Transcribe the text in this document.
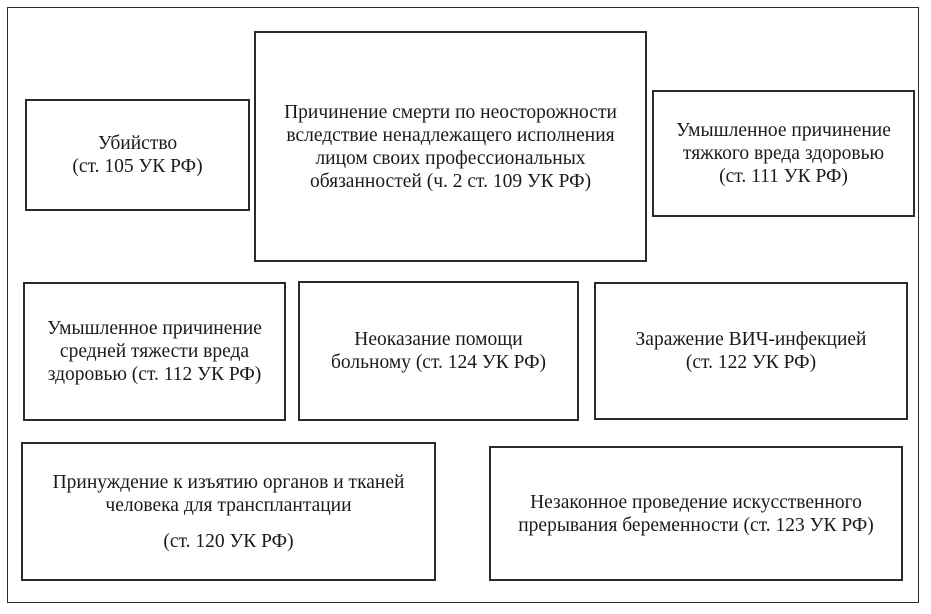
Убийство
(ст. 105 УК РФ)
Причинение смерти по неосторожности
вследствие ненадлежащего исполнения
лицом своих профессиональных
обязанностей (ч. 2 ст. 109 УК РФ)
Умышленное причинение
тяжкого вреда здоровью
(ст. 111 УК РФ)
Умышленное причинение
средней тяжести вреда
здоровью (ст. 112 УК РФ)
Неоказание помощи
больному (ст. 124 УК РФ)
Заражение ВИЧ-инфекцией
(ст. 122 УК РФ)
Принуждение к изъятию органов и тканей
человека для трансплантации
(ст. 120 УК РФ)
Незаконное проведение искусственного
прерывания беременности (ст. 123 УК РФ)
